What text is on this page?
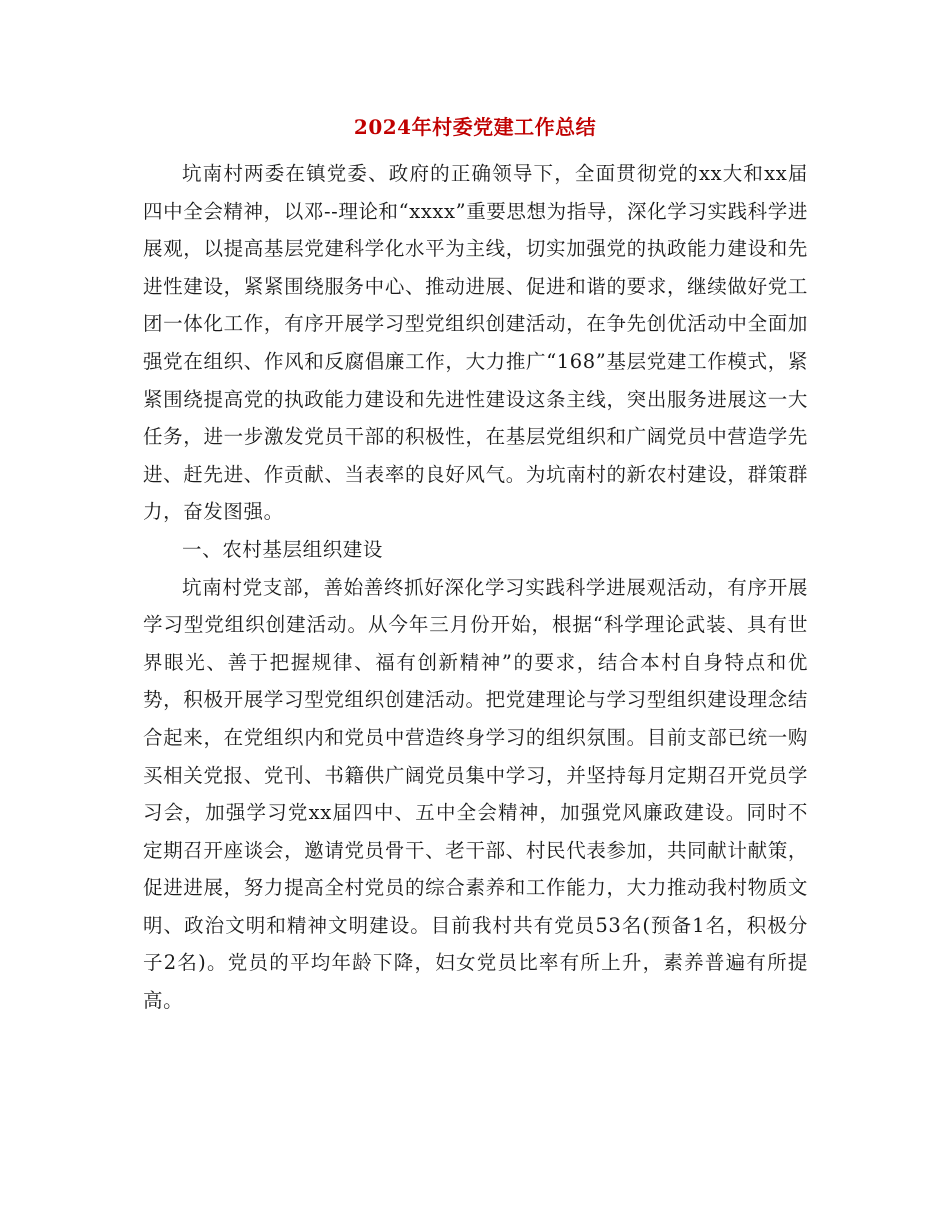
2024年村委党建工作总结

坑南村两委在镇党委、政府的正确领导下，全面贯彻党的xx大和xx届四中全会精神，以邓--理论和“xxxx”重要思想为指导，深化学习实践科学进展观，以提高基层党建科学化水平为主线，切实加强党的执政能力建设和先进性建设，紧紧围绕服务中心、推动进展、促进和谐的要求，继续做好党工团一体化工作，有序开展学习型党组织创建活动，在争先创优活动中全面加强党在组织、作风和反腐倡廉工作，大力推广“168”基层党建工作模式，紧紧围绕提高党的执政能力建设和先进性建设这条主线，突出服务进展这一大任务，进一步激发党员干部的积极性，在基层党组织和广阔党员中营造学先进、赶先进、作贡献、当表率的良好风气。为坑南村的新农村建设，群策群力，奋发图强。

一、农村基层组织建设

坑南村党支部，善始善终抓好深化学习实践科学进展观活动，有序开展学习型党组织创建活动。从今年三月份开始，根据“科学理论武装、具有世界眼光、善于把握规律、福有创新精神”的要求，结合本村自身特点和优势，积极开展学习型党组织创建活动。把党建理论与学习型组织建设理念结合起来，在党组织内和党员中营造终身学习的组织氛围。目前支部已统一购买相关党报、党刊、书籍供广阔党员集中学习，并坚持每月定期召开党员学习会，加强学习党xx届四中、五中全会精神，加强党风廉政建设。同时不定期召开座谈会，邀请党员骨干、老干部、村民代表参加，共同献计献策，促进进展，努力提高全村党员的综合素养和工作能力，大力推动我村物质文明、政治文明和精神文明建设。目前我村共有党员53名(预备1名，积极分子2名)。党员的平均年龄下降，妇女党员比率有所上升，素养普遍有所提高。
